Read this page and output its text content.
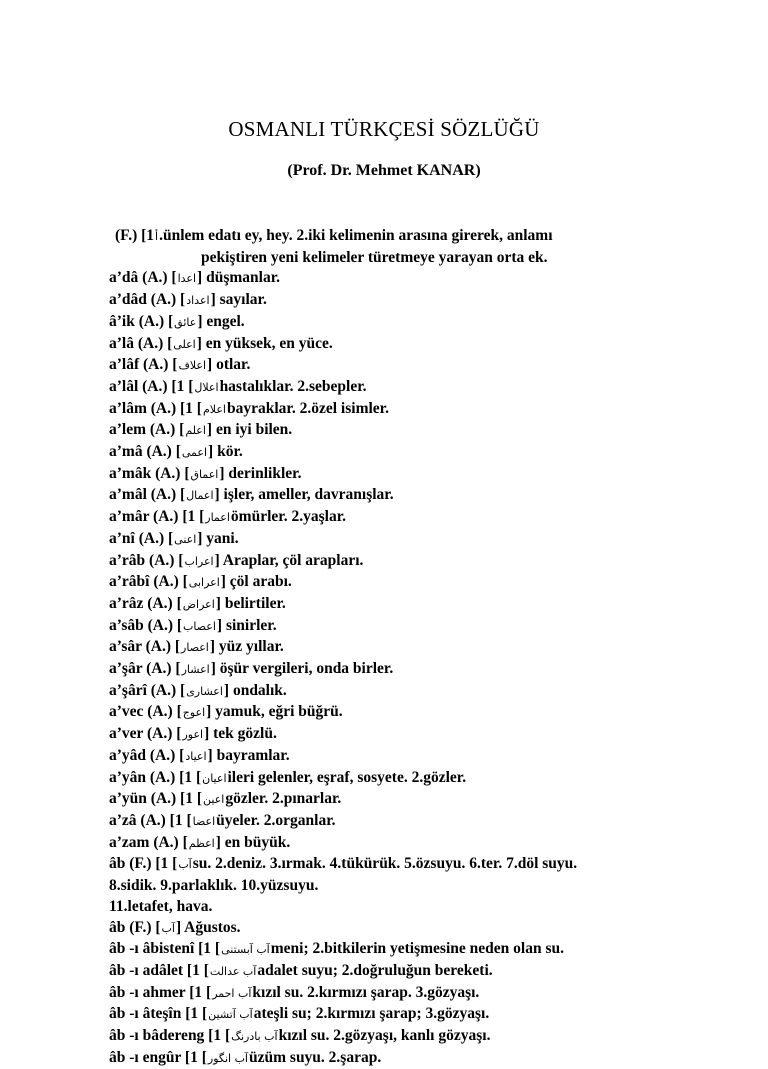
OSMANLI TÜRKÇESİ SÖZLÜĞÜ
(Prof. Dr. Mehmet KANAR)
(F.) [1أ.ünlem edatı ey, hey. 2.iki kelimenin arasına girerek, anlamı
pekiştiren yeni kelimeler türetmeye yarayan orta ek.
a’dâ (A.) [اعدا] düşmanlar.
a’dâd (A.) [اعداد] sayılar.
â’ik (A.) [عائق] engel.
a’lâ (A.) [اعلى] en yüksek, en yüce.
a’lâf (A.) [اعلاف] otlar.
a’lâl (A.) [1 [اعلالhastalıklar. 2.sebepler.
a’lâm (A.) [1 [اعلامbayraklar. 2.özel isimler.
a’lem (A.) [اعلم] en iyi bilen.
a’mâ (A.) [اعمى] kör.
a’mâk (A.) [اعماق] derinlikler.
a’mâl (A.) [اعمال] işler, ameller, davranışlar.
a’mâr (A.) [1 [اعمارömürler. 2.yaşlar.
a’nî (A.) [اعنى] yani.
a’râb (A.) [اعراب] Araplar, çöl arapları.
a’râbî (A.) [اعرابى] çöl arabı.
a’râz (A.) [اعراض] belirtiler.
a’sâb (A.) [اعصاب] sinirler.
a’sâr (A.) [اعصار] yüz yıllar.
a’şâr (A.) [اعشار] öşür vergileri, onda birler.
a’şârî (A.) [اعشارى] ondalık.
a’vec (A.) [اعوج] yamuk, eğri büğrü.
a’ver (A.) [اعور] tek gözlü.
a’yâd (A.) [اعياد] bayramlar.
a’yân (A.) [1 [اعيانileri gelenler, eşraf, sosyete. 2.gözler.
a’yün (A.) [1 [اعينgözler. 2.pınarlar.
a’zâ (A.) [1 [اعضاüyeler. 2.organlar.
a’zam (A.) [اعظم] en büyük.
âb (F.) [1 [آبsu. 2.deniz. 3.ırmak. 4.tükürük. 5.özsuyu. 6.ter. 7.döl suyu.
8.sidik. 9.parlaklık. 10.yüzsuyu.
11.letafet, hava.
âb (F.) [آب] Ağustos.
âb -ı âbistenî [1 [آب آبستنىmeni; 2.bitkilerin yetişmesine neden olan su.
âb -ı adâlet [1 [آب عدالتadalet suyu; 2.doğruluğun bereketi.
âb -ı ahmer [1 [آب احمرkızıl su. 2.kırmızı şarap. 3.gözyaşı.
âb -ı âteşîn [1 [آب آتشينateşli su; 2.kırmızı şarap; 3.gözyaşı.
âb -ı bâdereng [1 [آب بادرنگkızıl su. 2.gözyaşı, kanlı gözyaşı.
âb -ı engûr [1 [آب انگورüzüm suyu. 2.şarap.
